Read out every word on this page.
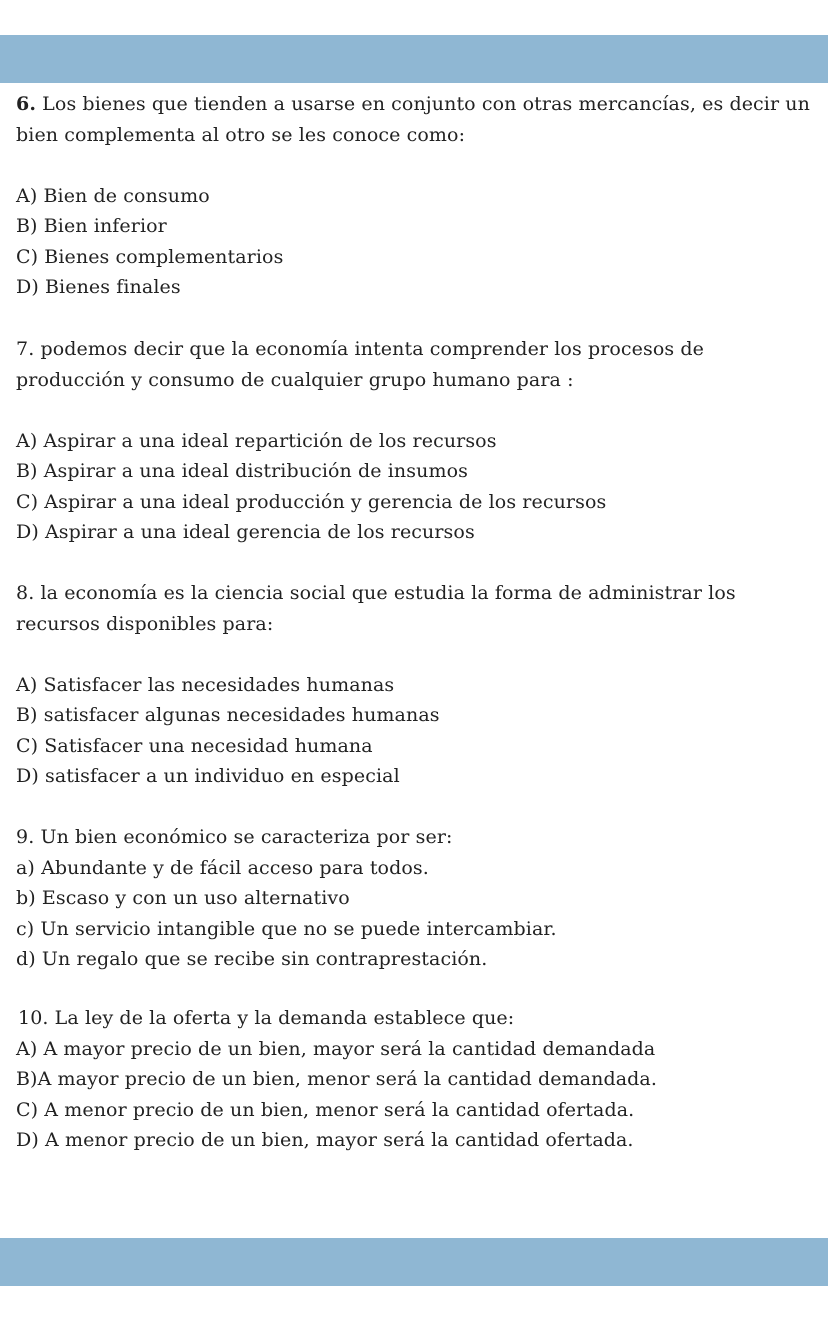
6. Los bienes que tienden a usarse en conjunto con otras mercancías, es decir un bien complementa al otro se les conoce como:

A) Bien de consumo
B) Bien inferior
C) Bienes complementarios
D) Bienes finales

7. podemos decir que la economía intenta comprender los procesos de producción y consumo de cualquier grupo humano para :

A) Aspirar a una ideal repartición de los recursos
B) Aspirar a una ideal distribución de insumos
C) Aspirar a una ideal producción y gerencia de los recursos
D) Aspirar a una ideal gerencia de los recursos

8. la economía es la ciencia social que estudia la forma de administrar los recursos disponibles para:

A) Satisfacer las necesidades humanas
B) satisfacer algunas necesidades humanas
C) Satisfacer una necesidad humana
D) satisfacer a un individuo en especial

9. Un bien económico se caracteriza por ser:

a) Abundante y de fácil acceso para todos.
b) Escaso y con un uso alternativo
c) Un servicio intangible que no se puede intercambiar.
d) Un regalo que se recibe sin contraprestación.

10. La ley de la oferta y la demanda establece que:

A) A mayor precio de un bien, mayor será la cantidad demandada
B)A mayor precio de un bien, menor será la cantidad demandada.
C) A menor precio de un bien, menor será la cantidad ofertada.
D) A menor precio de un bien, mayor será la cantidad ofertada.
